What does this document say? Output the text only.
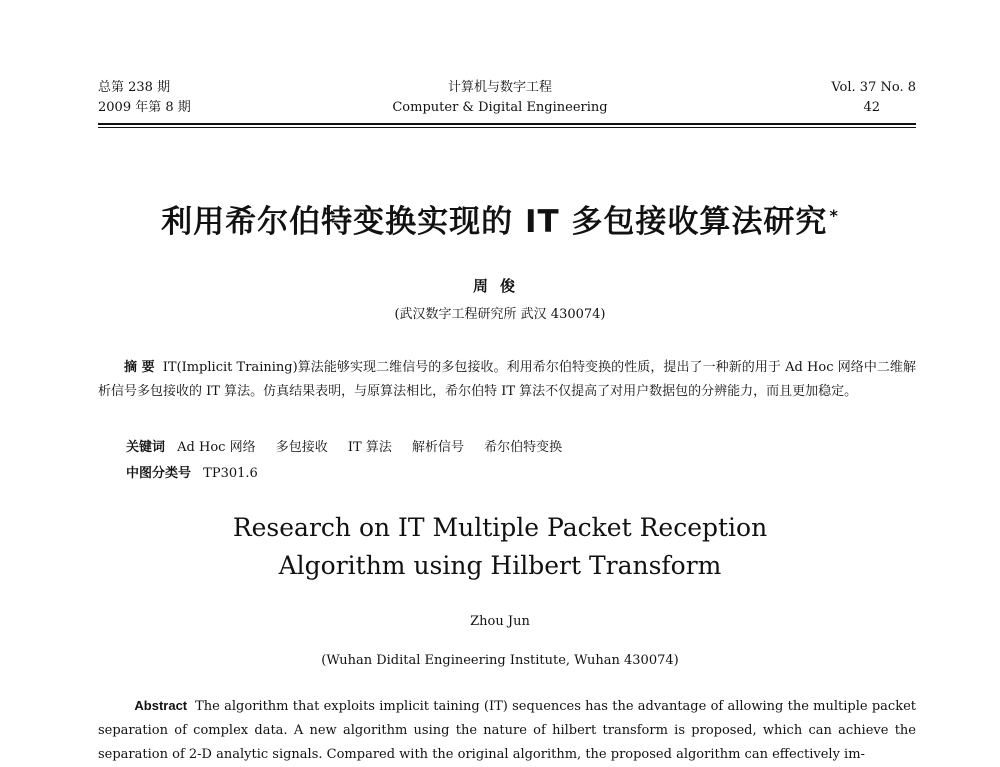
总第 238 期
2009 年第 8 期
计算机与数字工程
Computer & Digital Engineering
Vol. 37 No. 8
42
利用希尔伯特变换实现的 IT 多包接收算法研究 *
周俊
(武汉数字工程研究所 武汉 430074)

摘 要 IT(Implicit Training)算法能够实现二维信号的多包接收。利用希尔伯特变换的性质，提出了一种新的用于 Ad Hoc 网络中二维解析信号多包接收的 IT 算法。仿真结果表明，与原算法相比，希尔伯特 IT 算法不仅提高了对用户数据包的分辨能力，而且更加稳定。

关键词 Ad Hoc 网络 多包接收 IT 算法 解析信号 希尔伯特变换
中图分类号 TP301.6
Research on IT Multiple Packet Reception
Algorithm using Hilbert Transform
Zhou Jun
(Wuhan Didital Engineering Institute, Wuhan 430074)

Abstract The algorithm that exploits implicit taining (IT) sequences has the advantage of allowing the multiple packet separation of complex data. A new algorithm using the nature of hilbert transform is proposed, which can achieve the separation of 2-D analytic signals. Compared with the original algorithm, the proposed algorithm can effectively im-
